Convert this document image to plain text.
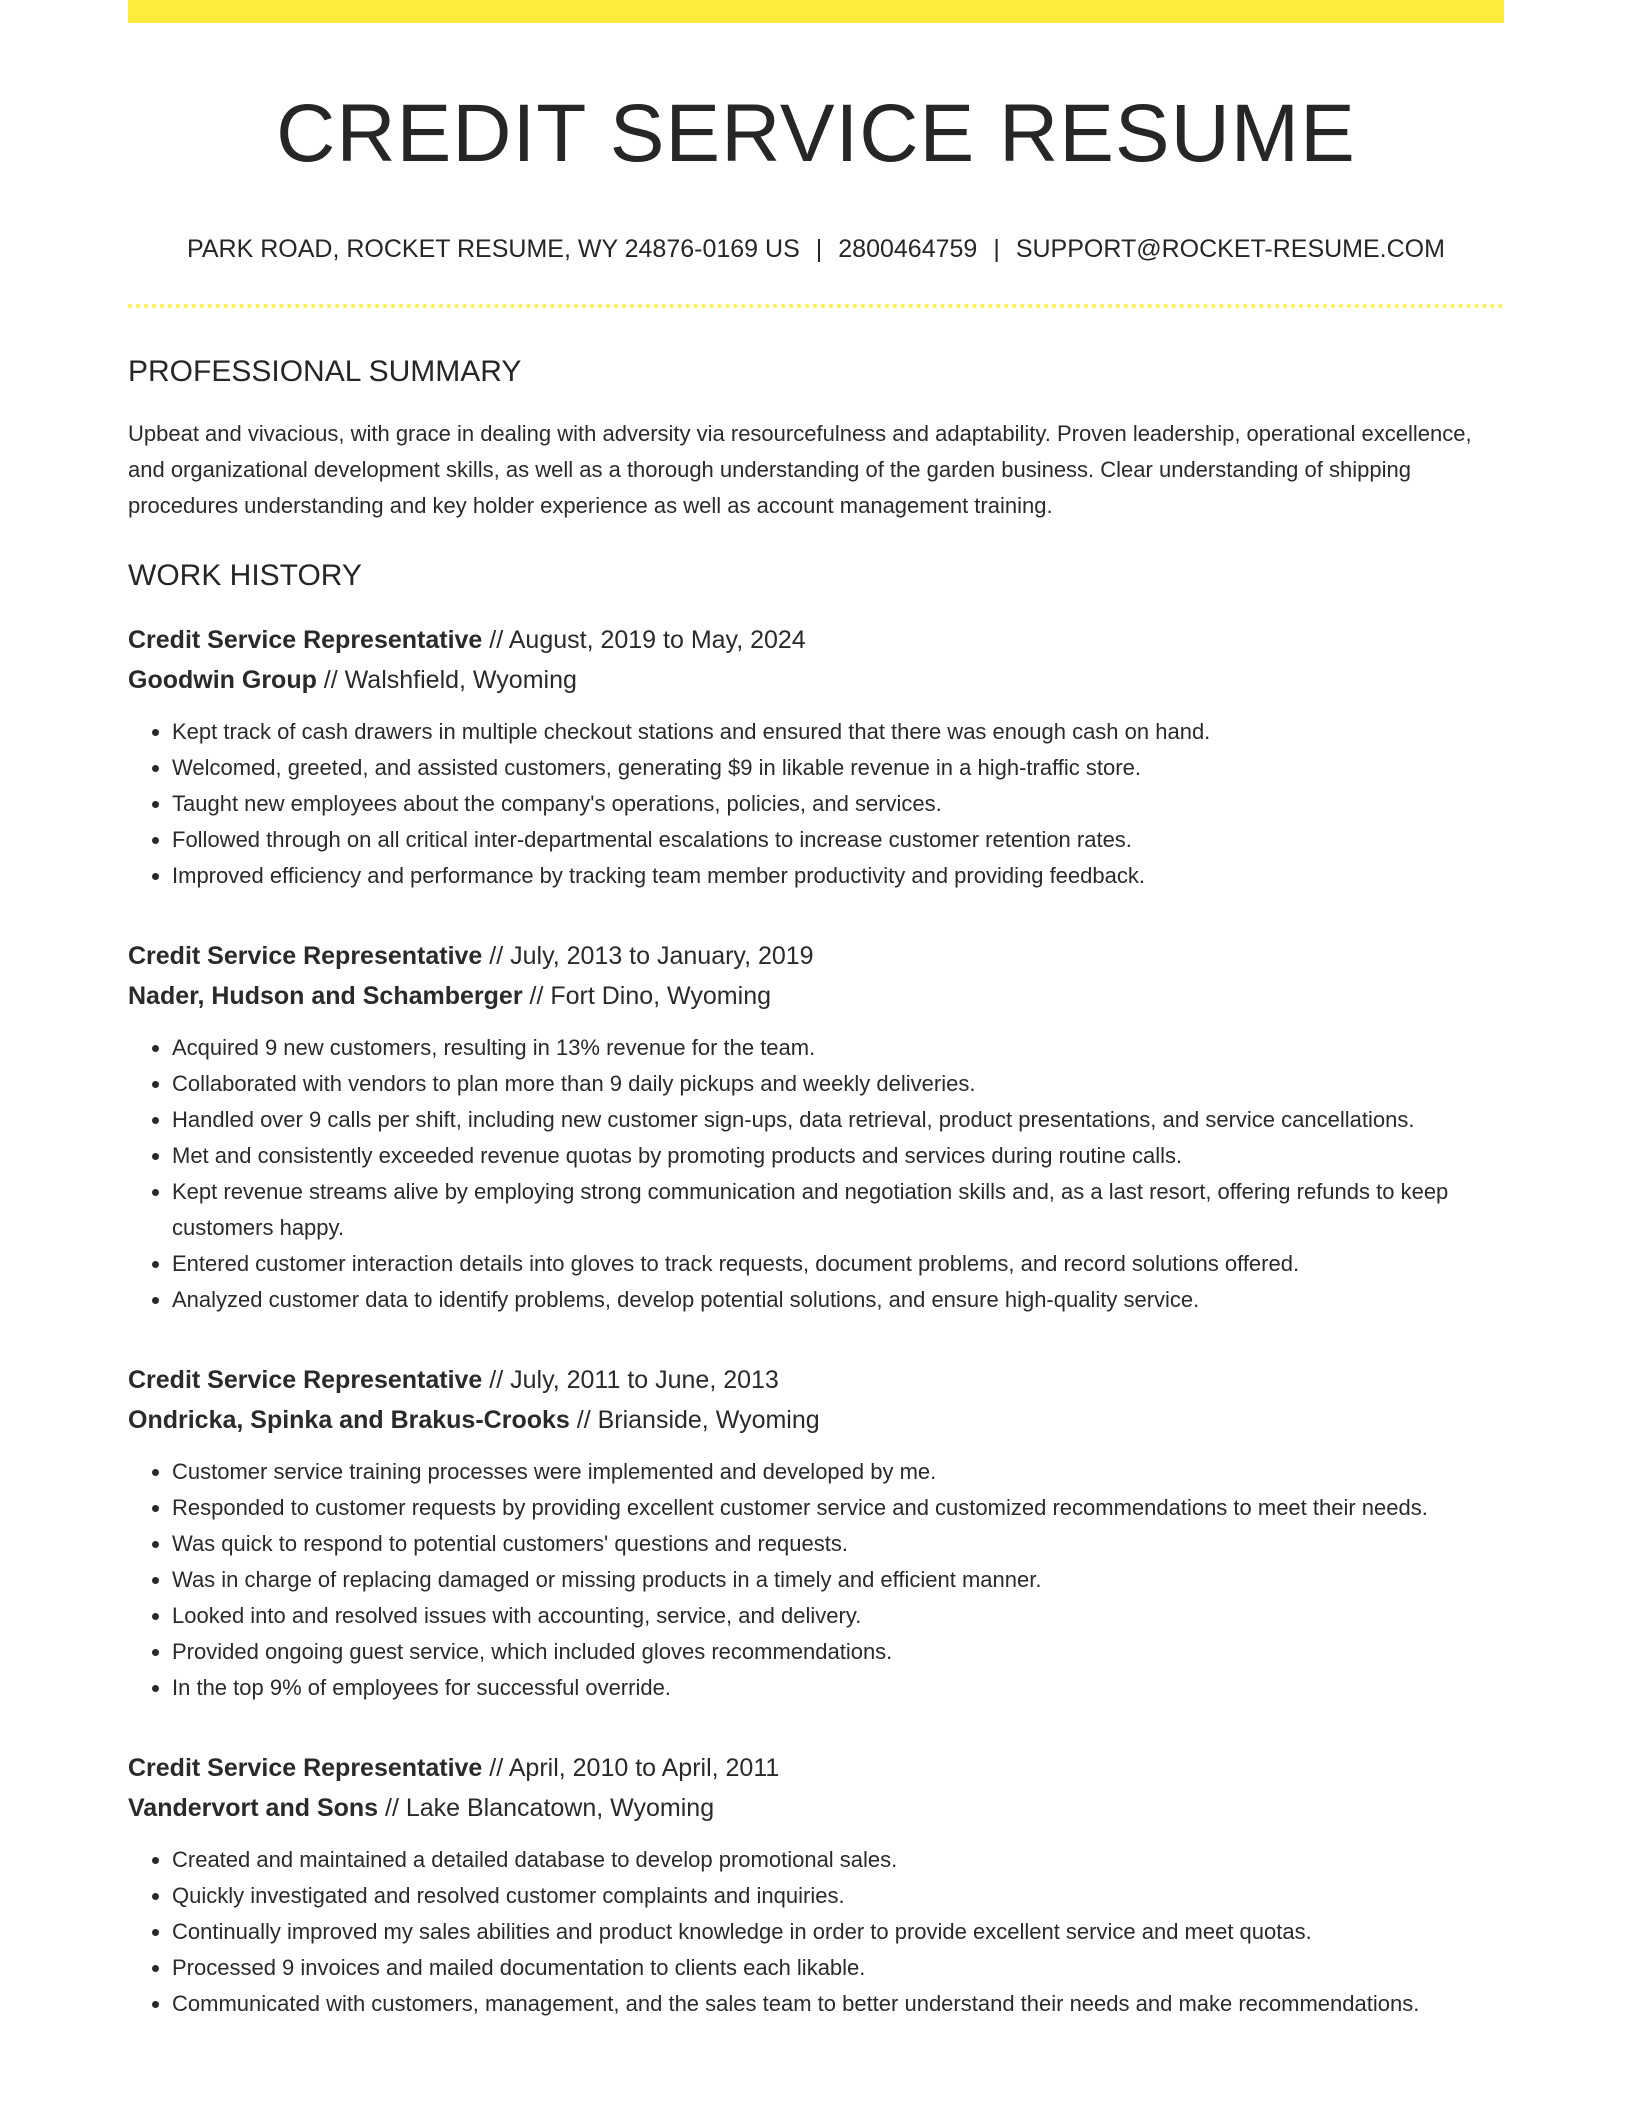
CREDIT SERVICE RESUME
PARK ROAD, ROCKET RESUME, WY 24876-0169 US | 2800464759 | SUPPORT@ROCKET-RESUME.COM
PROFESSIONAL SUMMARY
Upbeat and vivacious, with grace in dealing with adversity via resourcefulness and adaptability. Proven leadership, operational excellence, and organizational development skills, as well as a thorough understanding of the garden business. Clear understanding of shipping procedures understanding and key holder experience as well as account management training.
WORK HISTORY
Credit Service Representative // August, 2019 to May, 2024
Goodwin Group // Walshfield, Wyoming
• Kept track of cash drawers in multiple checkout stations and ensured that there was enough cash on hand.
• Welcomed, greeted, and assisted customers, generating $9 in likable revenue in a high-traffic store.
• Taught new employees about the company's operations, policies, and services.
• Followed through on all critical inter-departmental escalations to increase customer retention rates.
• Improved efficiency and performance by tracking team member productivity and providing feedback.
Credit Service Representative // July, 2013 to January, 2019
Nader, Hudson and Schamberger // Fort Dino, Wyoming
• Acquired 9 new customers, resulting in 13% revenue for the team.
• Collaborated with vendors to plan more than 9 daily pickups and weekly deliveries.
• Handled over 9 calls per shift, including new customer sign-ups, data retrieval, product presentations, and service cancellations.
• Met and consistently exceeded revenue quotas by promoting products and services during routine calls.
• Kept revenue streams alive by employing strong communication and negotiation skills and, as a last resort, offering refunds to keep customers happy.
• Entered customer interaction details into gloves to track requests, document problems, and record solutions offered.
• Analyzed customer data to identify problems, develop potential solutions, and ensure high-quality service.
Credit Service Representative // July, 2011 to June, 2013
Ondricka, Spinka and Brakus-Crooks // Brianside, Wyoming
• Customer service training processes were implemented and developed by me.
• Responded to customer requests by providing excellent customer service and customized recommendations to meet their needs.
• Was quick to respond to potential customers' questions and requests.
• Was in charge of replacing damaged or missing products in a timely and efficient manner.
• Looked into and resolved issues with accounting, service, and delivery.
• Provided ongoing guest service, which included gloves recommendations.
• In the top 9% of employees for successful override.
Credit Service Representative // April, 2010 to April, 2011
Vandervort and Sons // Lake Blancatown, Wyoming
• Created and maintained a detailed database to develop promotional sales.
• Quickly investigated and resolved customer complaints and inquiries.
• Continually improved my sales abilities and product knowledge in order to provide excellent service and meet quotas.
• Processed 9 invoices and mailed documentation to clients each likable.
• Communicated with customers, management, and the sales team to better understand their needs and make recommendations.
